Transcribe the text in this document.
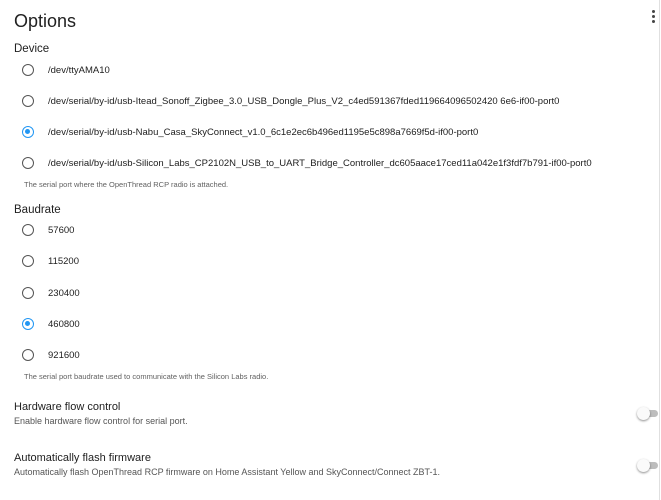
Options
Device
/dev/ttyAMA10
/dev/serial/by-id/usb-Itead_Sonoff_Zigbee_3.0_USB_Dongle_Plus_V2_c4ed591367fded119664096502420 6e6-if00-port0
/dev/serial/by-id/usb-Nabu_Casa_SkyConnect_v1.0_6c1e2ec6b496ed1195e5c898a7669f5d-if00-port0
/dev/serial/by-id/usb-Silicon_Labs_CP2102N_USB_to_UART_Bridge_Controller_dc605aace17ced11a042e1f3fdf7b791-if00-port0
The serial port where the OpenThread RCP radio is attached.
Baudrate
57600
115200
230400
460800
921600
The serial port baudrate used to communicate with the Silicon Labs radio.
Hardware flow control
Enable hardware flow control for serial port.
Automatically flash firmware
Automatically flash OpenThread RCP firmware on Home Assistant Yellow and SkyConnect/Connect ZBT-1.
